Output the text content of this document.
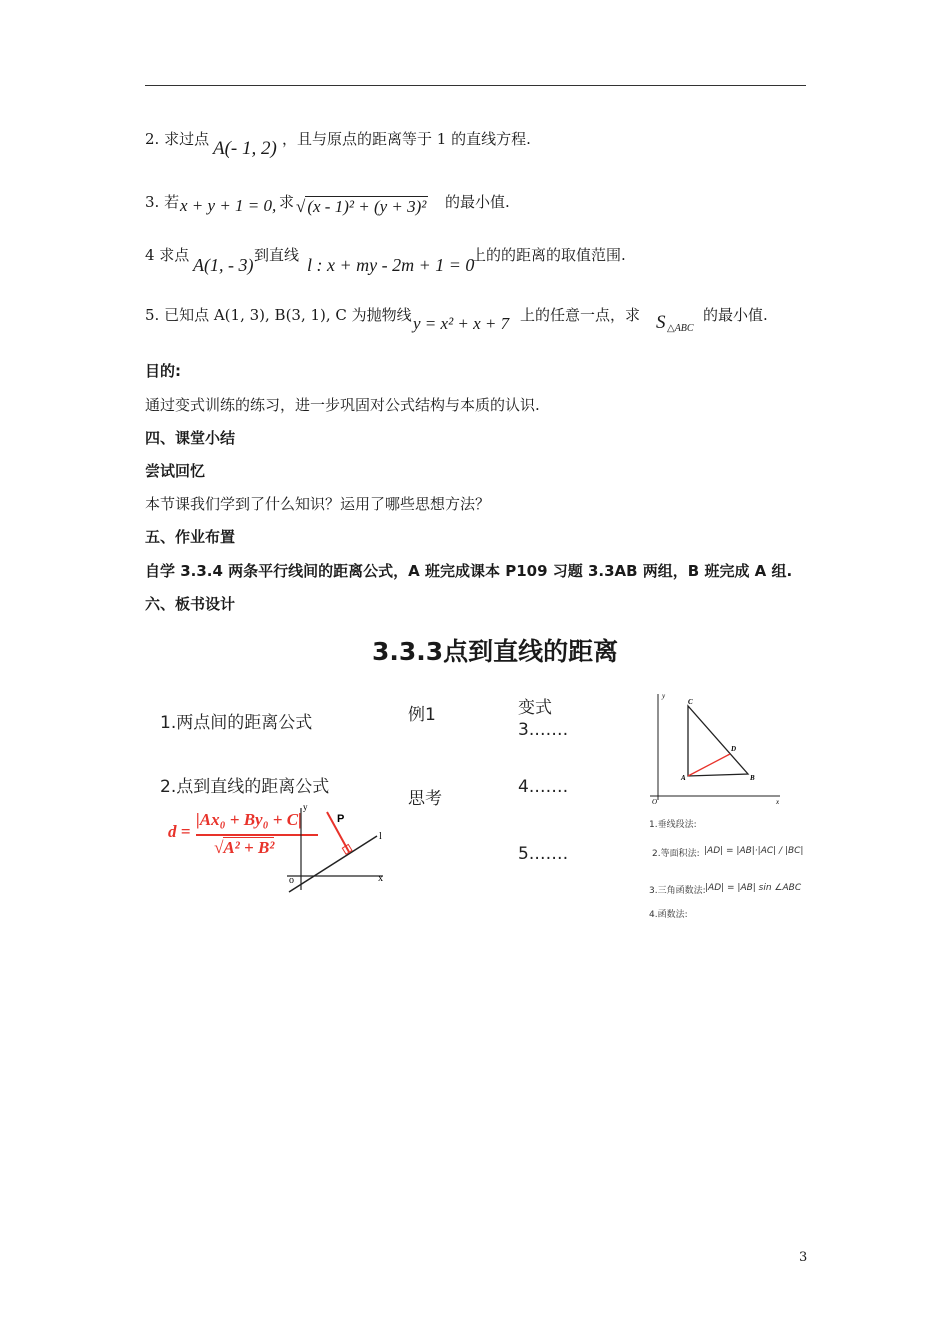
2. 求过点 A(- 1, 2) ，且与原点的距离等于 1 的直线方程.
3. 若 x + y + 1 = 0, 求 √ (x - 1)² + (y + 3)² 的最小值.
4 求点 A(1, - 3) 到直线 l : x + my - 2m + 1 = 0
上的的距离的取值范围.
5. 已知点 A(1, 3), B(3, 1), C 为抛物线 y = x² + x + 7 上的任意一点，求 S △ABC
的最小值.
目的:
通过变式训练的练习，进一步巩固对公式结构与本质的认识.
四、课堂小结
尝试回忆
本节课我们学到了什么知识？运用了哪些思想方法？
五、作业布置
自学 3.3.4 两条平行线间的距离公式，A 班完成课本 P109 习题 3.3AB 两组，B 班完成 A 组.
六、板书设计
3.3.3点到直线的距离
1.两点间的距离公式
2.点到直线的距离公式
例1
思考
变式
3.……
4.……
5.……
d =
|Ax₀ + By₀ + C|
√A² + B²
y
x
o
P
l
y
x
O
A	B
C
D
1.垂线段法:
2.等面积法: |AD| = |AB|·|AC| / |BC|
3.三角函数法: |AD| = |AB| sin ∠ABC
4.函数法:
3
